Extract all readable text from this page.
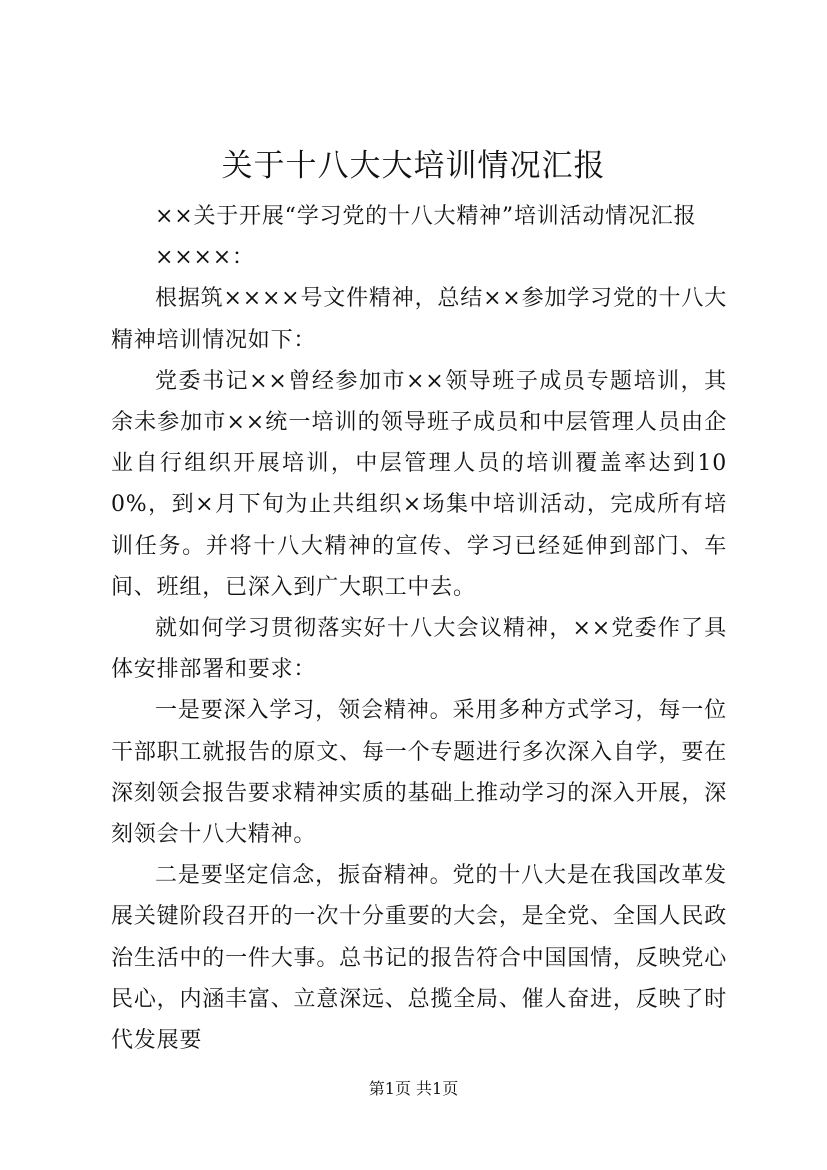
关于十八大大培训情况汇报

××关于开展“学习党的十八大精神”培训活动情况汇报

××××：

根据筑××××号文件精神，总结××参加学习党的十八大精神培训情况如下：

党委书记××曾经参加市××领导班子成员专题培训，其余未参加市××统一培训的领导班子成员和中层管理人员由企业自行组织开展培训，中层管理人员的培训覆盖率达到100%，到×月下旬为止共组织×场集中培训活动，完成所有培训任务。并将十八大精神的宣传、学习已经延伸到部门、车间、班组，已深入到广大职工中去。

就如何学习贯彻落实好十八大会议精神，××党委作了具体安排部署和要求：

一是要深入学习，领会精神。采用多种方式学习，每一位干部职工就报告的原文、每一个专题进行多次深入自学，要在深刻领会报告要求精神实质的基础上推动学习的深入开展，深刻领会十八大精神。

二是要坚定信念，振奋精神。党的十八大是在我国改革发展关键阶段召开的一次十分重要的大会，是全党、全国人民政治生活中的一件大事。总书记的报告符合中国国情，反映党心民心，内涵丰富、立意深远、总揽全局、催人奋进，反映了时代发展要

第1页 共1页
